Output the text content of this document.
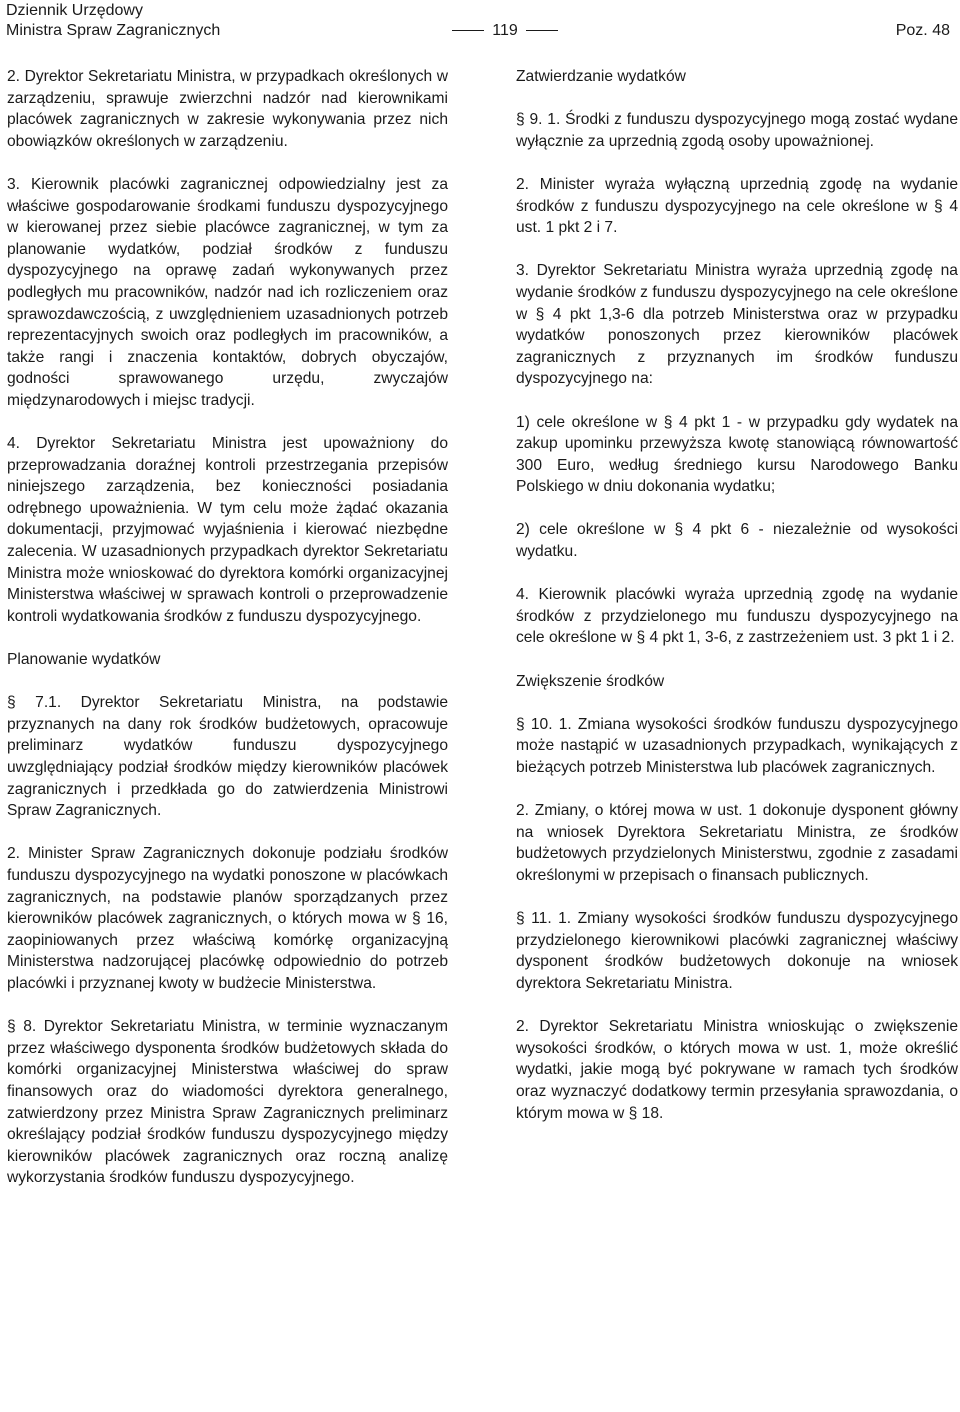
Dziennik Urzędowy
Ministra Spraw Zagranicznych	119	Poz. 48

2. Dyrektor Sekretariatu Ministra, w przypadkach określonych w zarządzeniu, sprawuje zwierzchni nadzór nad kierownikami placówek zagranicznych w zakresie wykonywania przez nich obowiązków określonych w zarządzeniu.

3. Kierownik placówki zagranicznej odpowiedzialny jest za właściwe gospodarowanie środkami funduszu dyspozycyjnego w kierowanej przez siebie placówce zagranicznej, w tym za planowanie wydatków, podział środków z funduszu dyspozycyjnego na oprawę zadań wykonywanych przez podległych mu pracowników, nadzór nad ich rozliczeniem oraz sprawozdawczością, z uwzględnieniem uzasadnionych potrzeb reprezentacyjnych swoich oraz podległych im pracowników, a także rangi i znaczenia kontaktów, dobrych obyczajów, godności sprawowanego urzędu, zwyczajów międzynarodowych i miejsc tradycji.

4. Dyrektor Sekretariatu Ministra jest upoważniony do przeprowadzania doraźnej kontroli przestrzegania przepisów niniejszego zarządzenia, bez konieczności posiadania odrębnego upoważnienia. W tym celu może żądać okazania dokumentacji, przyjmować wyjaśnienia i kierować niezbędne zalecenia. W uzasadnionych przypadkach dyrektor Sekretariatu Ministra może wnioskować do dyrektora komórki organizacyjnej Ministerstwa właściwej w sprawach kontroli o przeprowadzenie kontroli wydatkowania środków z funduszu dyspozycyjnego.

Planowanie wydatków

§ 7.1. Dyrektor Sekretariatu Ministra, na podstawie przyznanych na dany rok środków budżetowych, opracowuje preliminarz wydatków funduszu dyspozycyjnego uwzględniający podział środków między kierowników placówek zagranicznych i przedkłada go do zatwierdzenia Ministrowi Spraw Zagranicznych.

2. Minister Spraw Zagranicznych dokonuje podziału środków funduszu dyspozycyjnego na wydatki ponoszone w placówkach zagranicznych, na podstawie planów sporządzanych przez kierowników placówek zagranicznych, o których mowa w § 16, zaopiniowanych przez właściwą komórkę organizacyjną Ministerstwa nadzorującej placówkę odpowiednio do potrzeb placówki i przyznanej kwoty w budżecie Ministerstwa.

§ 8. Dyrektor Sekretariatu Ministra, w terminie wyznaczanym przez właściwego dysponenta środków budżetowych składa do komórki organizacyjnej Ministerstwa właściwej do spraw finansowych oraz do wiadomości dyrektora generalnego, zatwierdzony przez Ministra Spraw Zagranicznych preliminarz określający podział środków funduszu dyspozycyjnego między kierowników placówek zagranicznych oraz roczną analizę wykorzystania środków funduszu dyspozycyjnego.

Zatwierdzanie wydatków

§ 9. 1. Środki z funduszu dyspozycyjnego mogą zostać wydane wyłącznie za uprzednią zgodą osoby upoważnionej.

2. Minister wyraża wyłączną uprzednią zgodę na wydanie środków z funduszu dyspozycyjnego na cele określone w § 4 ust. 1 pkt 2 i 7.

3. Dyrektor Sekretariatu Ministra wyraża uprzednią zgodę na wydanie środków z funduszu dyspozycyjnego na cele określone w § 4 pkt 1,3-6 dla potrzeb Ministerstwa oraz w przypadku wydatków ponoszonych przez kierowników placówek zagranicznych z przyznanych im środków funduszu dyspozycyjnego na:

1) cele określone w § 4 pkt 1 - w przypadku gdy wydatek na zakup upominku przewyższa kwotę stanowiącą równowartość 300 Euro, według średniego kursu Narodowego Banku Polskiego w dniu dokonania wydatku;

2) cele określone w § 4 pkt 6 - niezależnie od wysokości wydatku.

4. Kierownik placówki wyraża uprzednią zgodę na wydanie środków z przydzielonego mu funduszu dyspozycyjnego na cele określone w § 4 pkt 1, 3-6, z zastrzeżeniem ust. 3 pkt 1 i 2.

Zwiększenie środków

§ 10. 1. Zmiana wysokości środków funduszu dyspozycyjnego może nastąpić w uzasadnionych przypadkach, wynikających z bieżących potrzeb Ministerstwa lub placówek zagranicznych.

2. Zmiany, o której mowa w ust. 1 dokonuje dysponent główny na wniosek Dyrektora Sekretariatu Ministra, ze środków budżetowych przydzielonych Ministerstwu, zgodnie z zasadami określonymi w przepisach o finansach publicznych.

§ 11. 1. Zmiany wysokości środków funduszu dyspozycyjnego przydzielonego kierownikowi placówki zagranicznej właściwy dysponent środków budżetowych dokonuje na wniosek dyrektora Sekretariatu Ministra.

2. Dyrektor Sekretariatu Ministra wnioskując o zwiększenie wysokości środków, o których mowa w ust. 1, może określić wydatki, jakie mogą być pokrywane w ramach tych środków oraz wyznaczyć dodatkowy termin przesyłania sprawozdania, o którym mowa w § 18.
